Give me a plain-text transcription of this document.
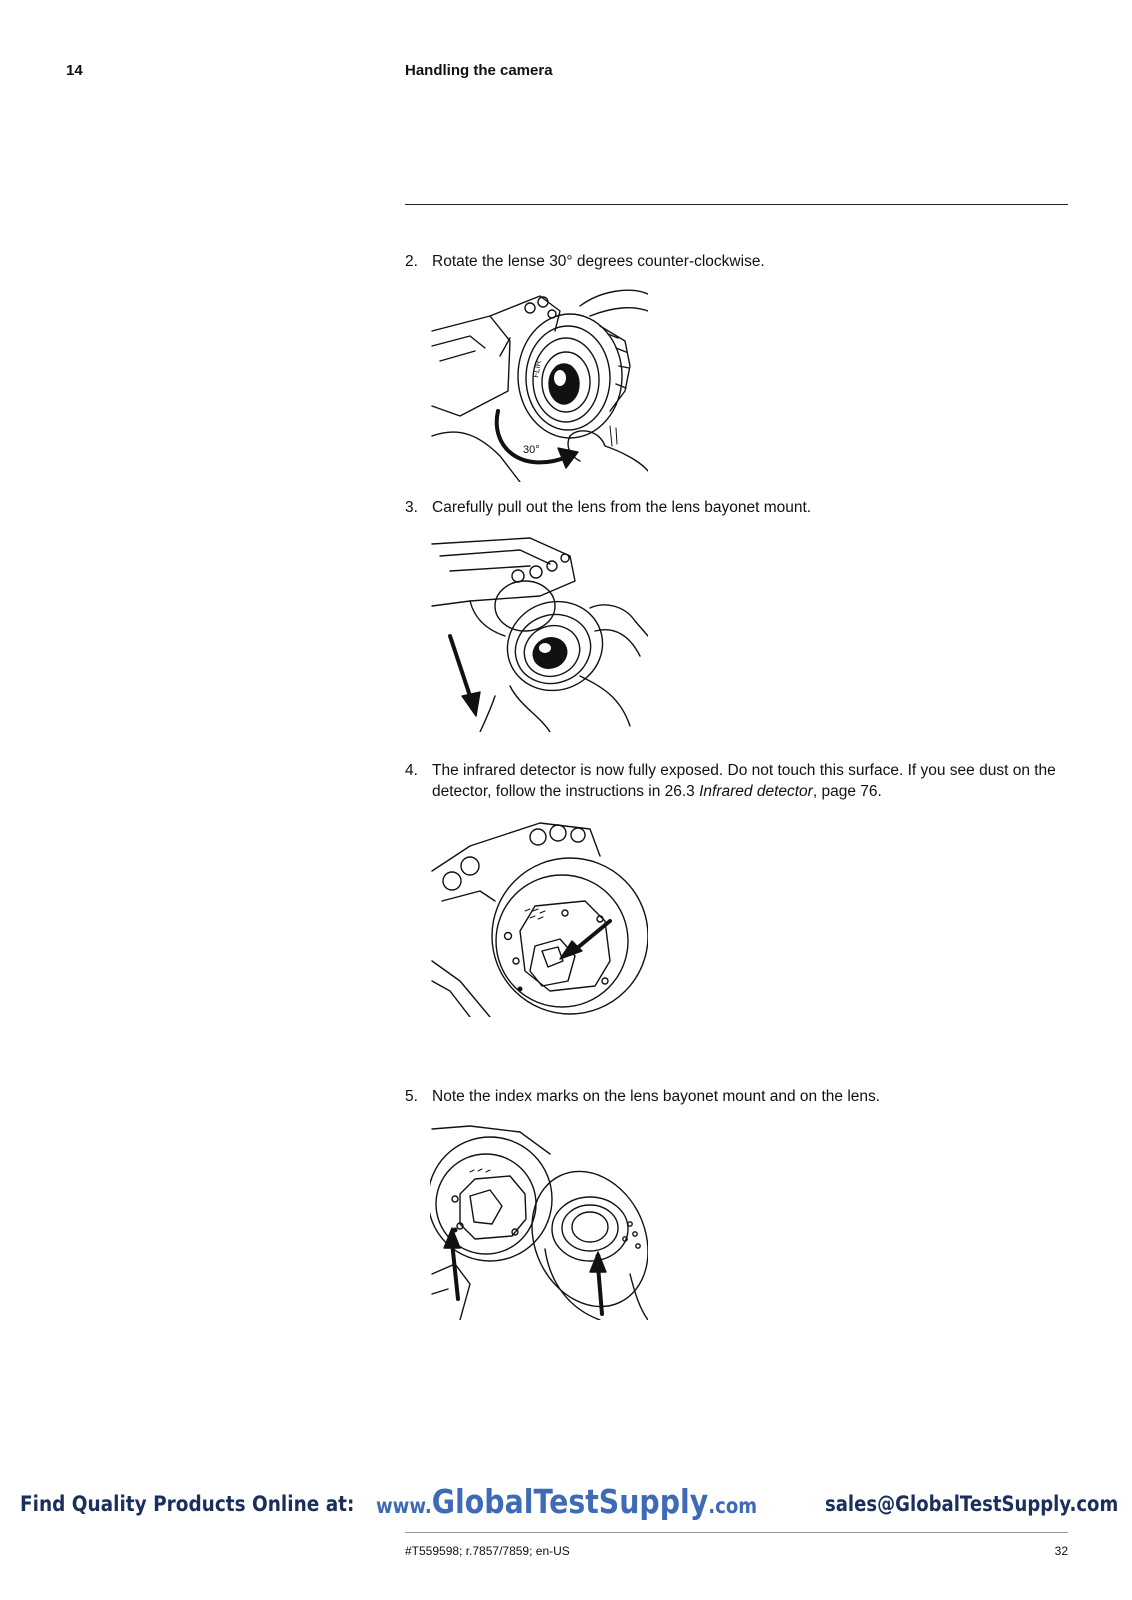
14	Handling the camera
2. Rotate the lense 30° degrees counter-clockwise.
FLIR
30°
3. Carefully pull out the lens from the lens bayonet mount.
4. The infrared detector is now fully exposed. Do not touch this surface. If you see dust on the detector, follow the instructions in 26.3 Infrared detector, page 76.
5. Note the index marks on the lens bayonet mount and on the lens.
Find Quality Products Online at: www.GlobalTestSupply.com	sales@GlobalTestSupply.com
#T559598; r.7857/7859; en-US	32
